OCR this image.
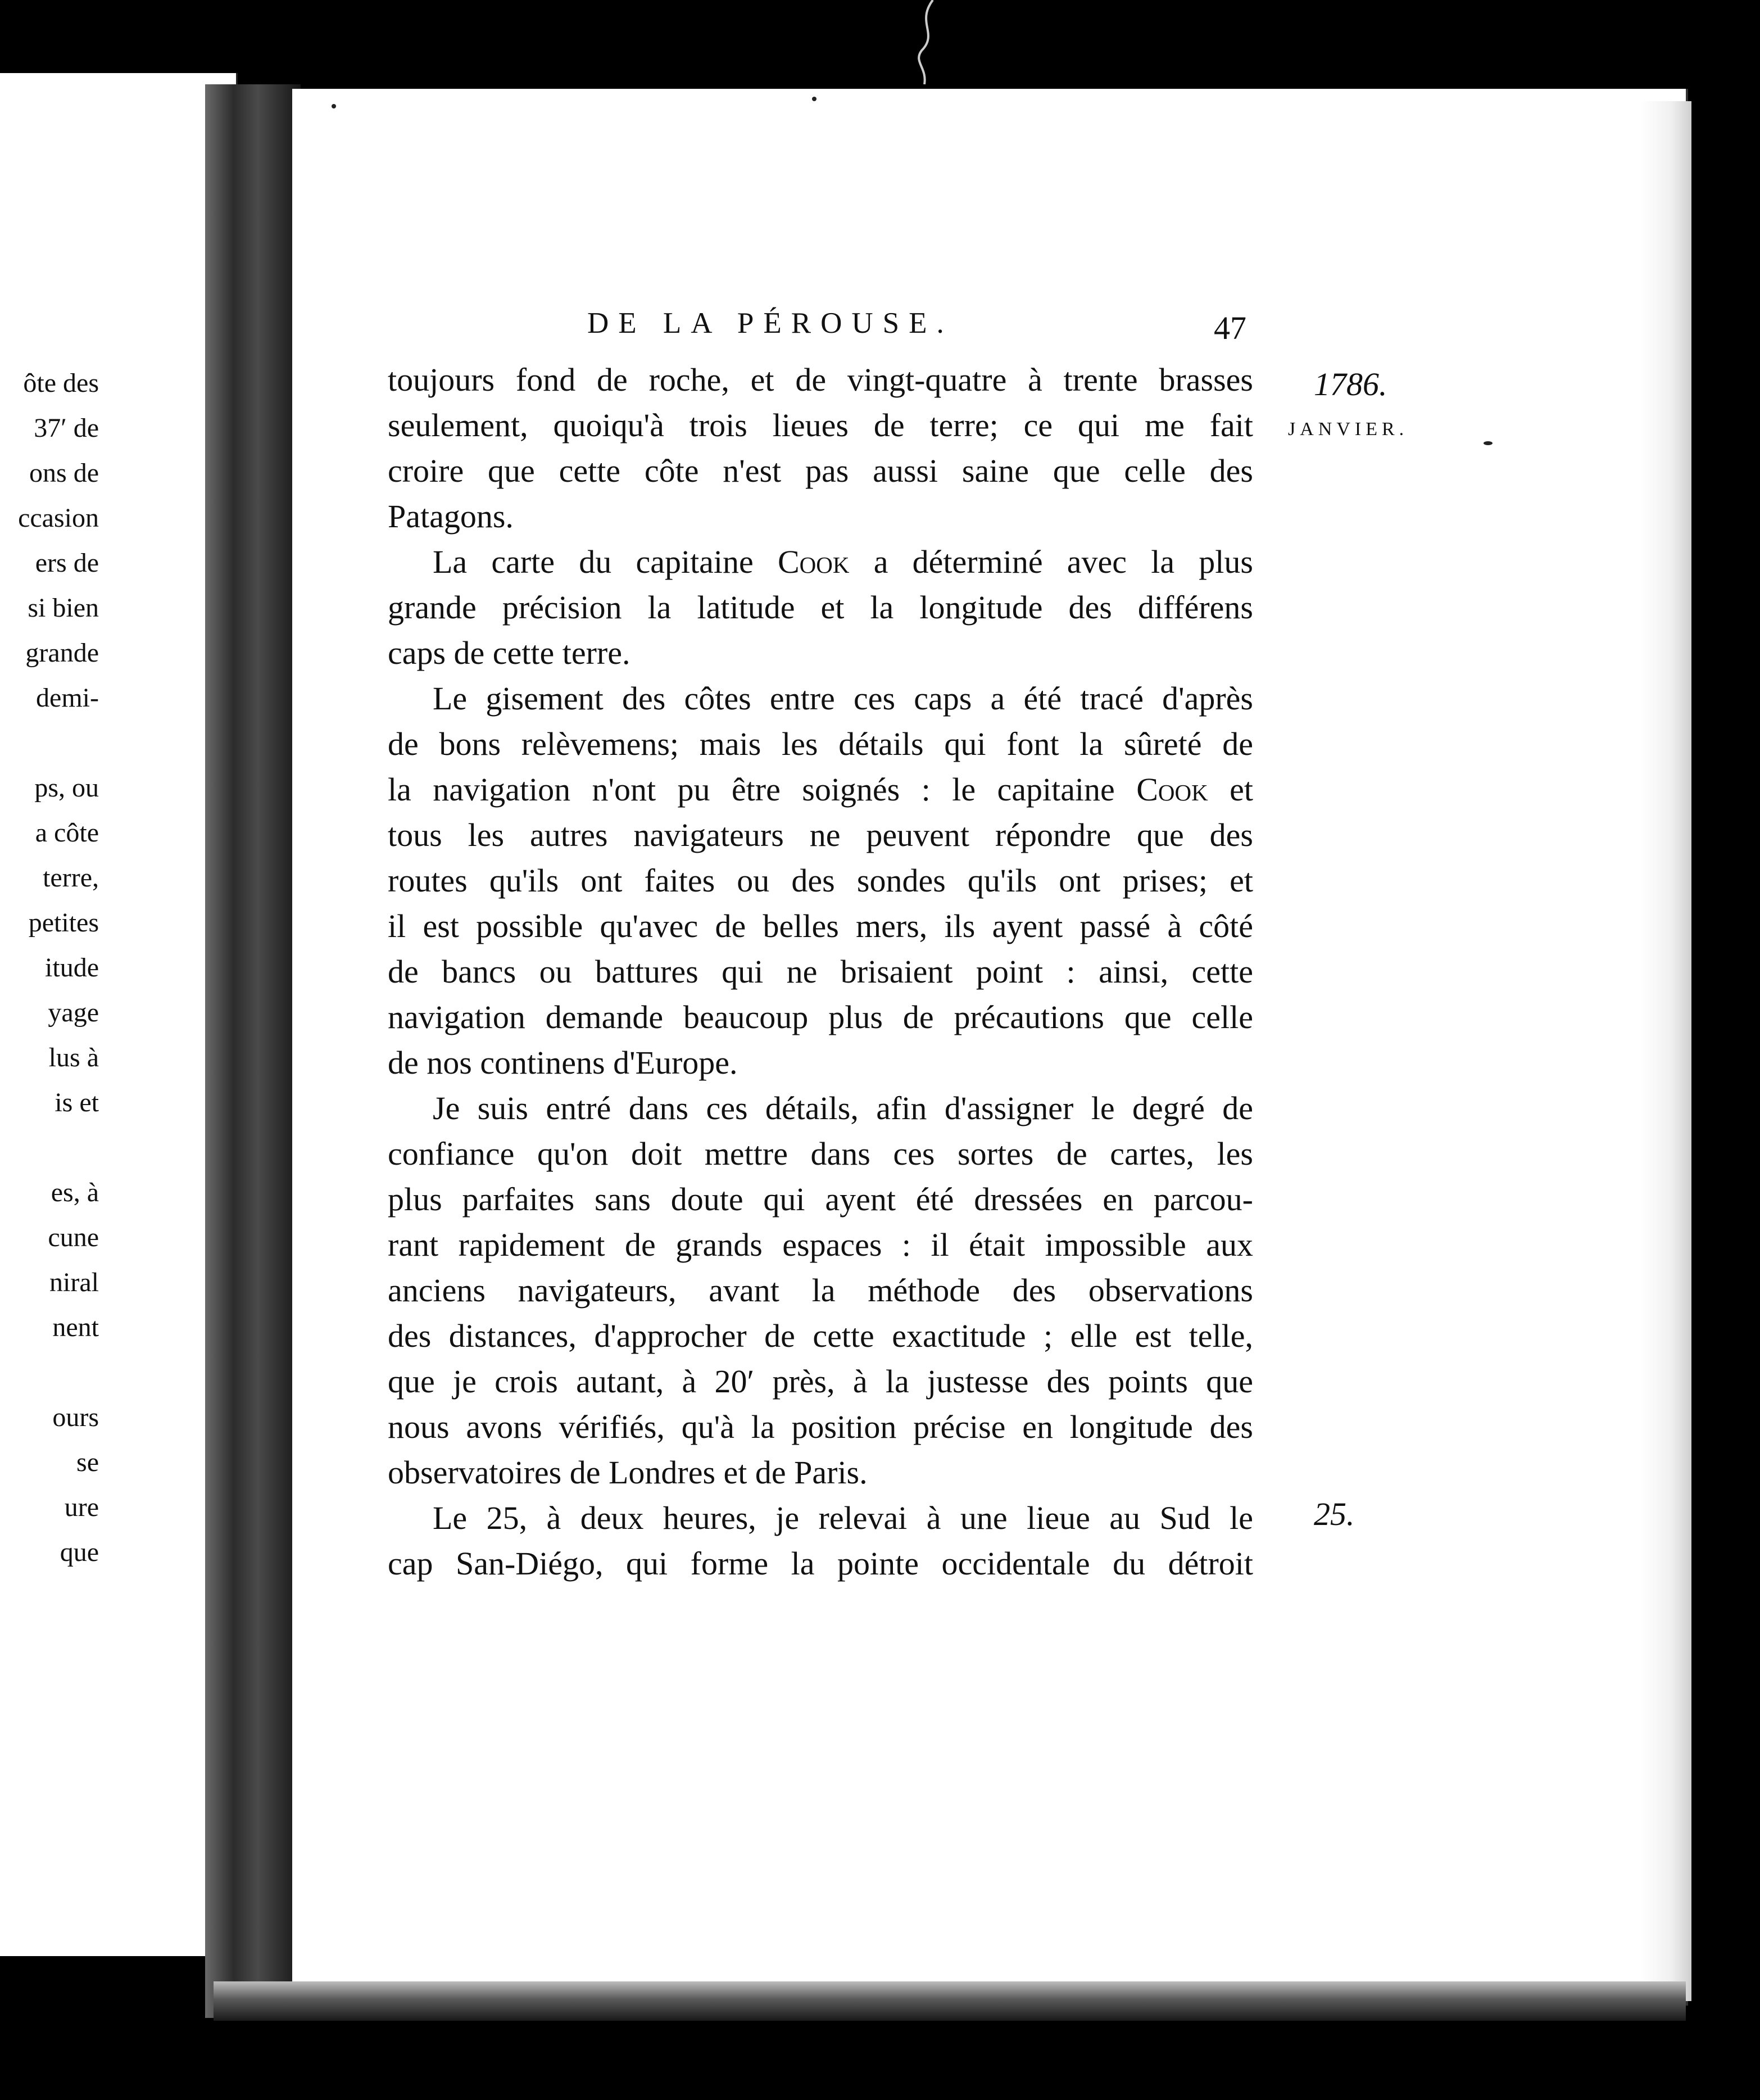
ôte des
37′ de
ons de
ccasion
ers de
si bien
grande
demi-
ps, ou
a côte
terre,
petites
itude
yage
lus à
is et
es, à
cune
niral
nent
ours
se
ure
que
DE LA PÉROUSE.	47
1786.
JANVIER.
25.
toujours fond de roche, et de vingt-quatre à trente brasses
seulement, quoiqu'à trois lieues de terre; ce qui me fait
croire que cette côte n'est pas aussi saine que celle des
Patagons.
La carte du capitaine Cook a déterminé avec la plus
grande précision la latitude et la longitude des différens
caps de cette terre.
Le gisement des côtes entre ces caps a été tracé d'après
de bons relèvemens; mais les détails qui font la sûreté de
la navigation n'ont pu être soignés : le capitaine Cook et
tous les autres navigateurs ne peuvent répondre que des
routes qu'ils ont faites ou des sondes qu'ils ont prises; et
il est possible qu'avec de belles mers, ils ayent passé à côté
de bancs ou battures qui ne brisaient point : ainsi, cette
navigation demande beaucoup plus de précautions que celle
de nos continens d'Europe.
Je suis entré dans ces détails, afin d'assigner le degré de
confiance qu'on doit mettre dans ces sortes de cartes, les
plus parfaites sans doute qui ayent été dressées en parcou-
rant rapidement de grands espaces : il était impossible aux
anciens navigateurs, avant la méthode des observations
des distances, d'approcher de cette exactitude ; elle est telle,
que je crois autant, à 20′ près, à la justesse des points que
nous avons vérifiés, qu'à la position précise en longitude des
observatoires de Londres et de Paris.
Le 25, à deux heures, je relevai à une lieue au Sud le
cap San-Diégo, qui forme la pointe occidentale du détroit
